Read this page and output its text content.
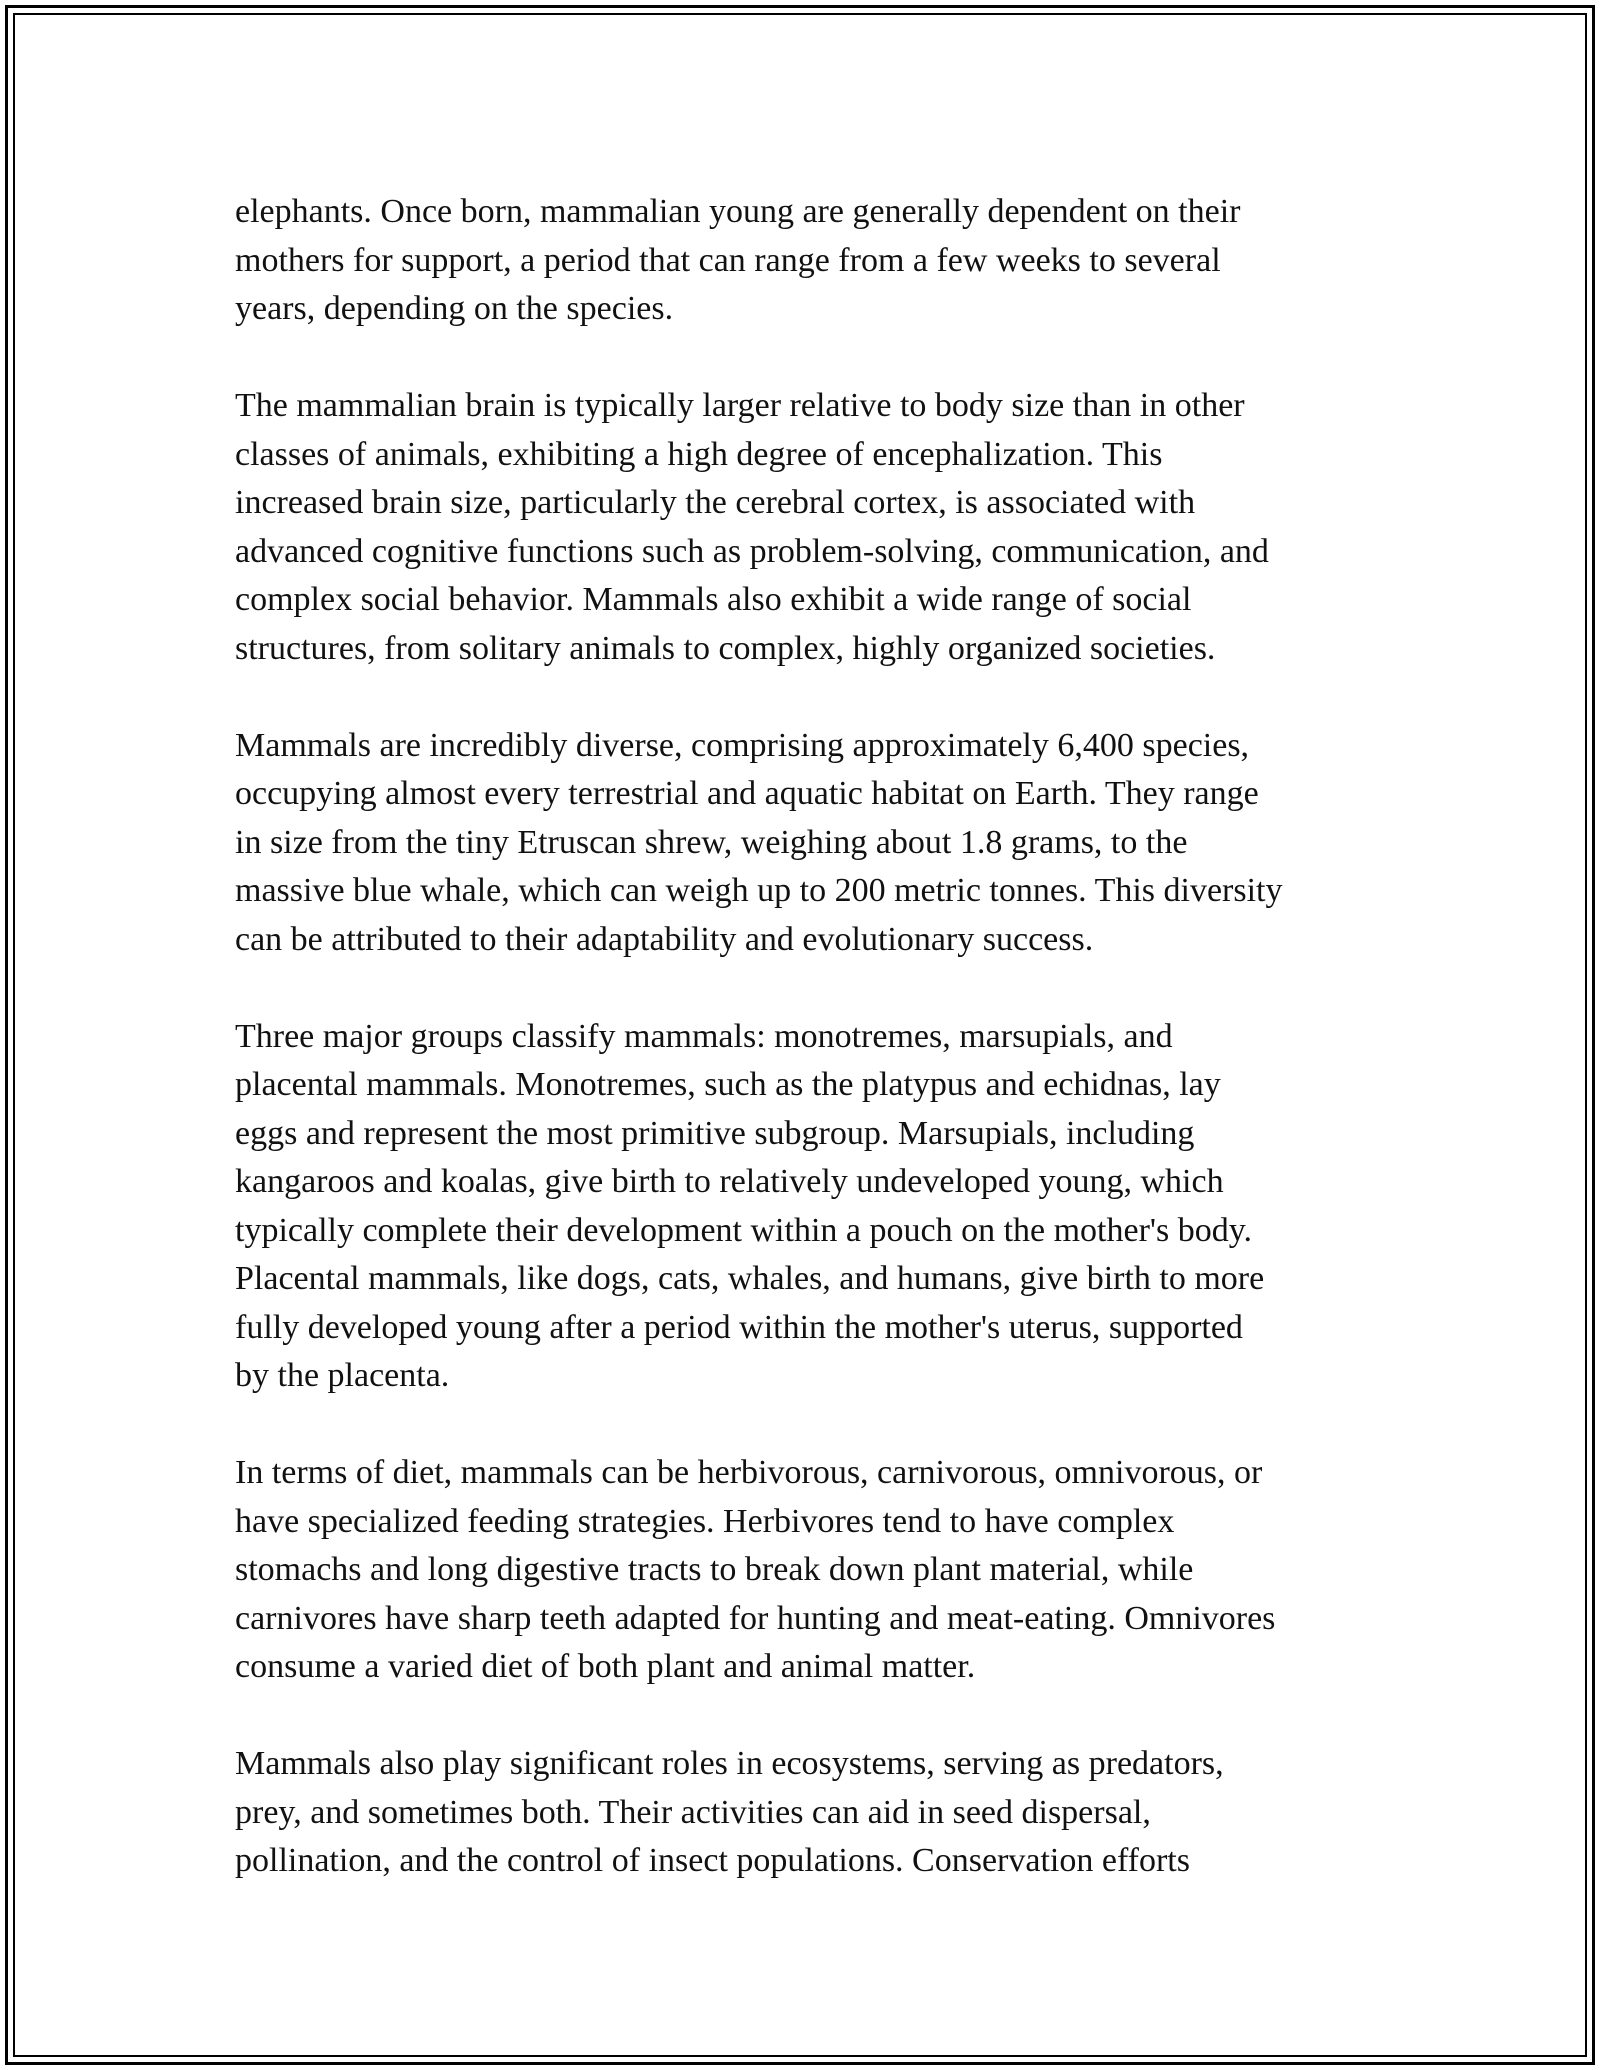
elephants. Once born, mammalian young are generally dependent on their
mothers for support, a period that can range from a few weeks to several
years, depending on the species.

The mammalian brain is typically larger relative to body size than in other
classes of animals, exhibiting a high degree of encephalization. This
increased brain size, particularly the cerebral cortex, is associated with
advanced cognitive functions such as problem-solving, communication, and
complex social behavior. Mammals also exhibit a wide range of social
structures, from solitary animals to complex, highly organized societies.

Mammals are incredibly diverse, comprising approximately 6,400 species,
occupying almost every terrestrial and aquatic habitat on Earth. They range
in size from the tiny Etruscan shrew, weighing about 1.8 grams, to the
massive blue whale, which can weigh up to 200 metric tonnes. This diversity
can be attributed to their adaptability and evolutionary success.

Three major groups classify mammals: monotremes, marsupials, and
placental mammals. Monotremes, such as the platypus and echidnas, lay
eggs and represent the most primitive subgroup. Marsupials, including
kangaroos and koalas, give birth to relatively undeveloped young, which
typically complete their development within a pouch on the mother's body.
Placental mammals, like dogs, cats, whales, and humans, give birth to more
fully developed young after a period within the mother's uterus, supported
by the placenta.

In terms of diet, mammals can be herbivorous, carnivorous, omnivorous, or
have specialized feeding strategies. Herbivores tend to have complex
stomachs and long digestive tracts to break down plant material, while
carnivores have sharp teeth adapted for hunting and meat-eating. Omnivores
consume a varied diet of both plant and animal matter.

Mammals also play significant roles in ecosystems, serving as predators,
prey, and sometimes both. Their activities can aid in seed dispersal,
pollination, and the control of insect populations. Conservation efforts
